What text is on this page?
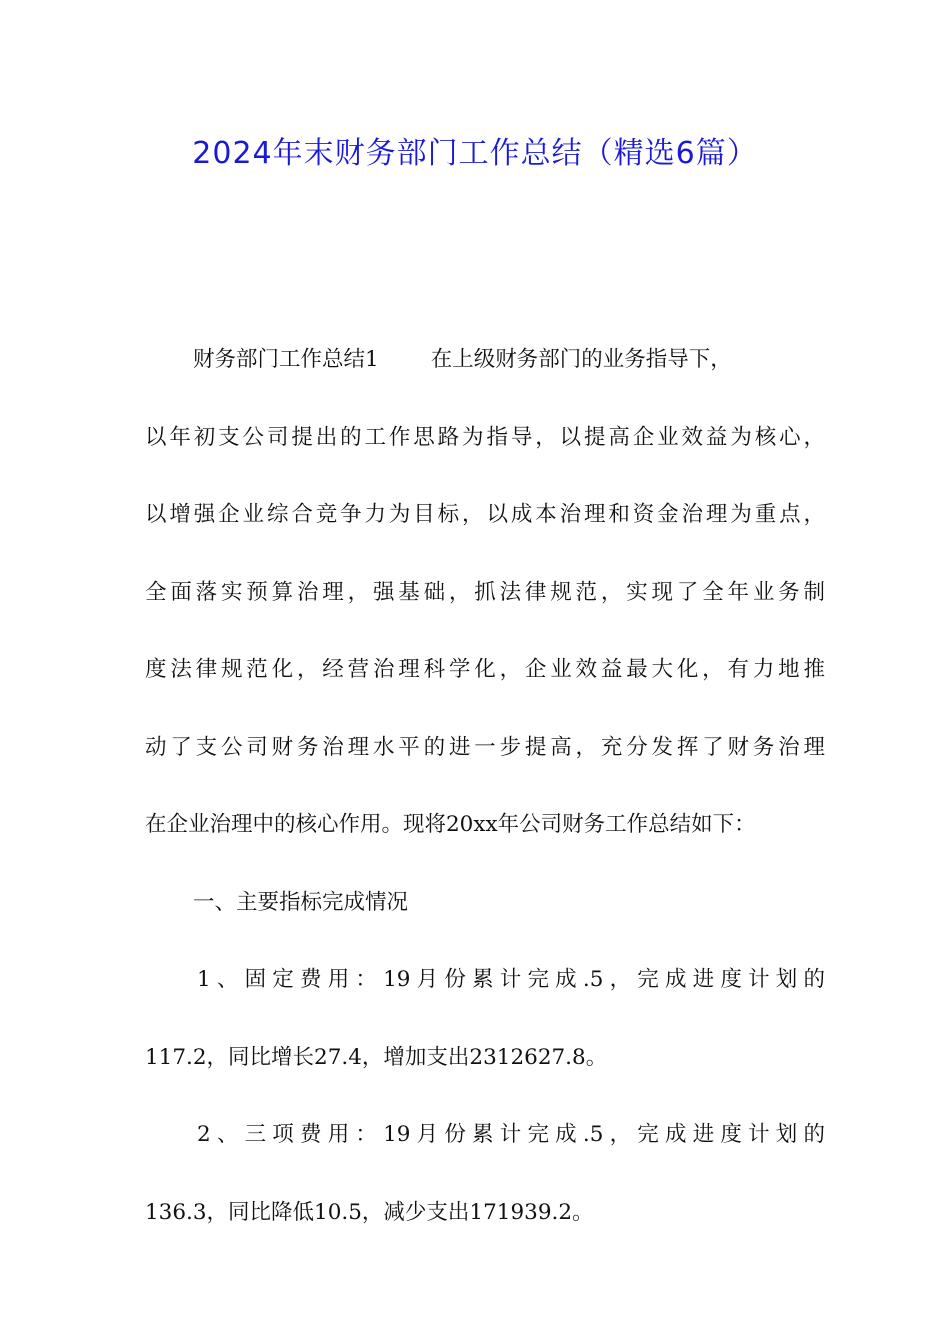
2024年末财务部门工作总结（精选6篇）
财务部门工作总结1 在上级财务部门的业务指导下，
以年初支公司提出的工作思路为指导，以提高企业效益为核心，
以增强企业综合竞争力为目标，以成本治理和资金治理为重点，
全面落实预算治理，强基础，抓法律规范，实现了全年业务制
度法律规范化，经营治理科学化，企业效益最大化，有力地推
动了支公司财务治理水平的进一步提高，充分发挥了财务治理
在企业治理中的核心作用。现将20xx年公司财务工作总结如下：
一、主要指标完成情况
1、固定费用：19月份累计完成.5，完成进度计划的
117.2，同比增长27.4，增加支出2312627.8。
2、三项费用：19月份累计完成.5，完成进度计划的
136.3，同比降低10.5，减少支出171939.2。
